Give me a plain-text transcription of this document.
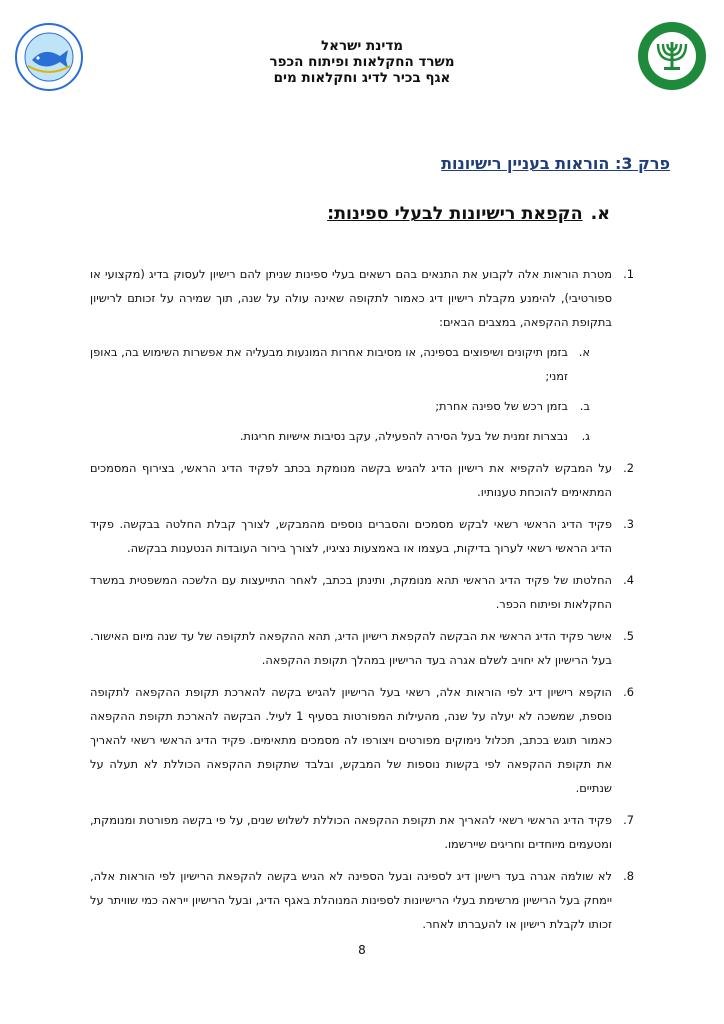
מדינת ישראל
משרד החקלאות ופיתוח הכפר
אגף בכיר לדיג וחקלאות מים
פרק 3: הוראות בעניין רישיונות
א.הקפאת רישיונות לבעלי ספינות:
1.
מטרת הוראות אלה לקבוע את התנאים בהם רשאים בעלי ספינות שניתן להם רישיון לעסוק בדיג (מקצועי או ספורטיבי), להימנע מקבלת רישיון דיג כאמור לתקופה שאינה עולה על שנה, תוך שמירה על זכותם לרישיון בתקופת ההקפאה, במצבים הבאים:
א.
בזמן תיקונים ושיפוצים בספינה, או מסיבות אחרות המונעות מבעליה את אפשרות השימוש בה, באופן זמני;
ב.
בזמן רכש של ספינה אחרת;
ג.
נבצרות זמנית של בעל הסירה להפעילה, עקב נסיבות אישיות חריגות.
2.
על המבקש להקפיא את רישיון הדיג להגיש בקשה מנומקת בכתב לפקיד הדיג הראשי, בצירוף המסמכים המתאימים להוכחת טענותיו.
3.
פקיד הדיג הראשי רשאי לבקש מסמכים והסברים נוספים מהמבקש, לצורך קבלת החלטה בבקשה. פקיד הדיג הראשי רשאי לערוך בדיקות, בעצמו או באמצעות נציגיו, לצורך בירור העובדות הנטענות בבקשה.
4.
החלטתו של פקיד הדיג הראשי תהא מנומקת, ותינתן בכתב, לאחר התייעצות עם הלשכה המשפטית במשרד החקלאות ופיתוח הכפר.
5.
אישר פקיד הדיג הראשי את הבקשה להקפאת רישיון הדיג, תהא ההקפאה לתקופה של עד שנה מיום האישור. בעל הרישיון לא יחויב לשלם אגרה בעד הרישיון במהלך תקופת ההקפאה.
6.
הוקפא רישיון דיג לפי הוראות אלה, רשאי בעל הרישיון להגיש בקשה להארכת תקופת ההקפאה לתקופה נוספת, שמשכה לא יעלה על שנה, מהעילות המפורטות בסעיף 1 לעיל. הבקשה להארכת תקופת ההקפאה כאמור תוגש בכתב, תכלול נימוקים מפורטים ויצורפו לה מסמכים מתאימים. פקיד הדיג הראשי רשאי להאריך את תקופת ההקפאה לפי בקשות נוספות של המבקש, ובלבד שתקופת ההקפאה הכוללת לא תעלה על שנתיים.
7.
פקיד הדיג הראשי רשאי להאריך את תקופת ההקפאה הכוללת לשלוש שנים, על פי בקשה מפורטת ומנומקת, ומטעמים מיוחדים וחריגים שיירשמו.
8.
לא שולמה אגרה בעד רישיון דיג לספינה ובעל הספינה לא הגיש בקשה להקפאת הרישיון לפי הוראות אלה, יימחק בעל הרישיון מרשימת בעלי הרישיונות לספינות המנוהלת באגף הדיג, ובעל הרישיון ייראה כמי שוויתר על זכותו לקבלת רישיון או להעברתו לאחר.
8
